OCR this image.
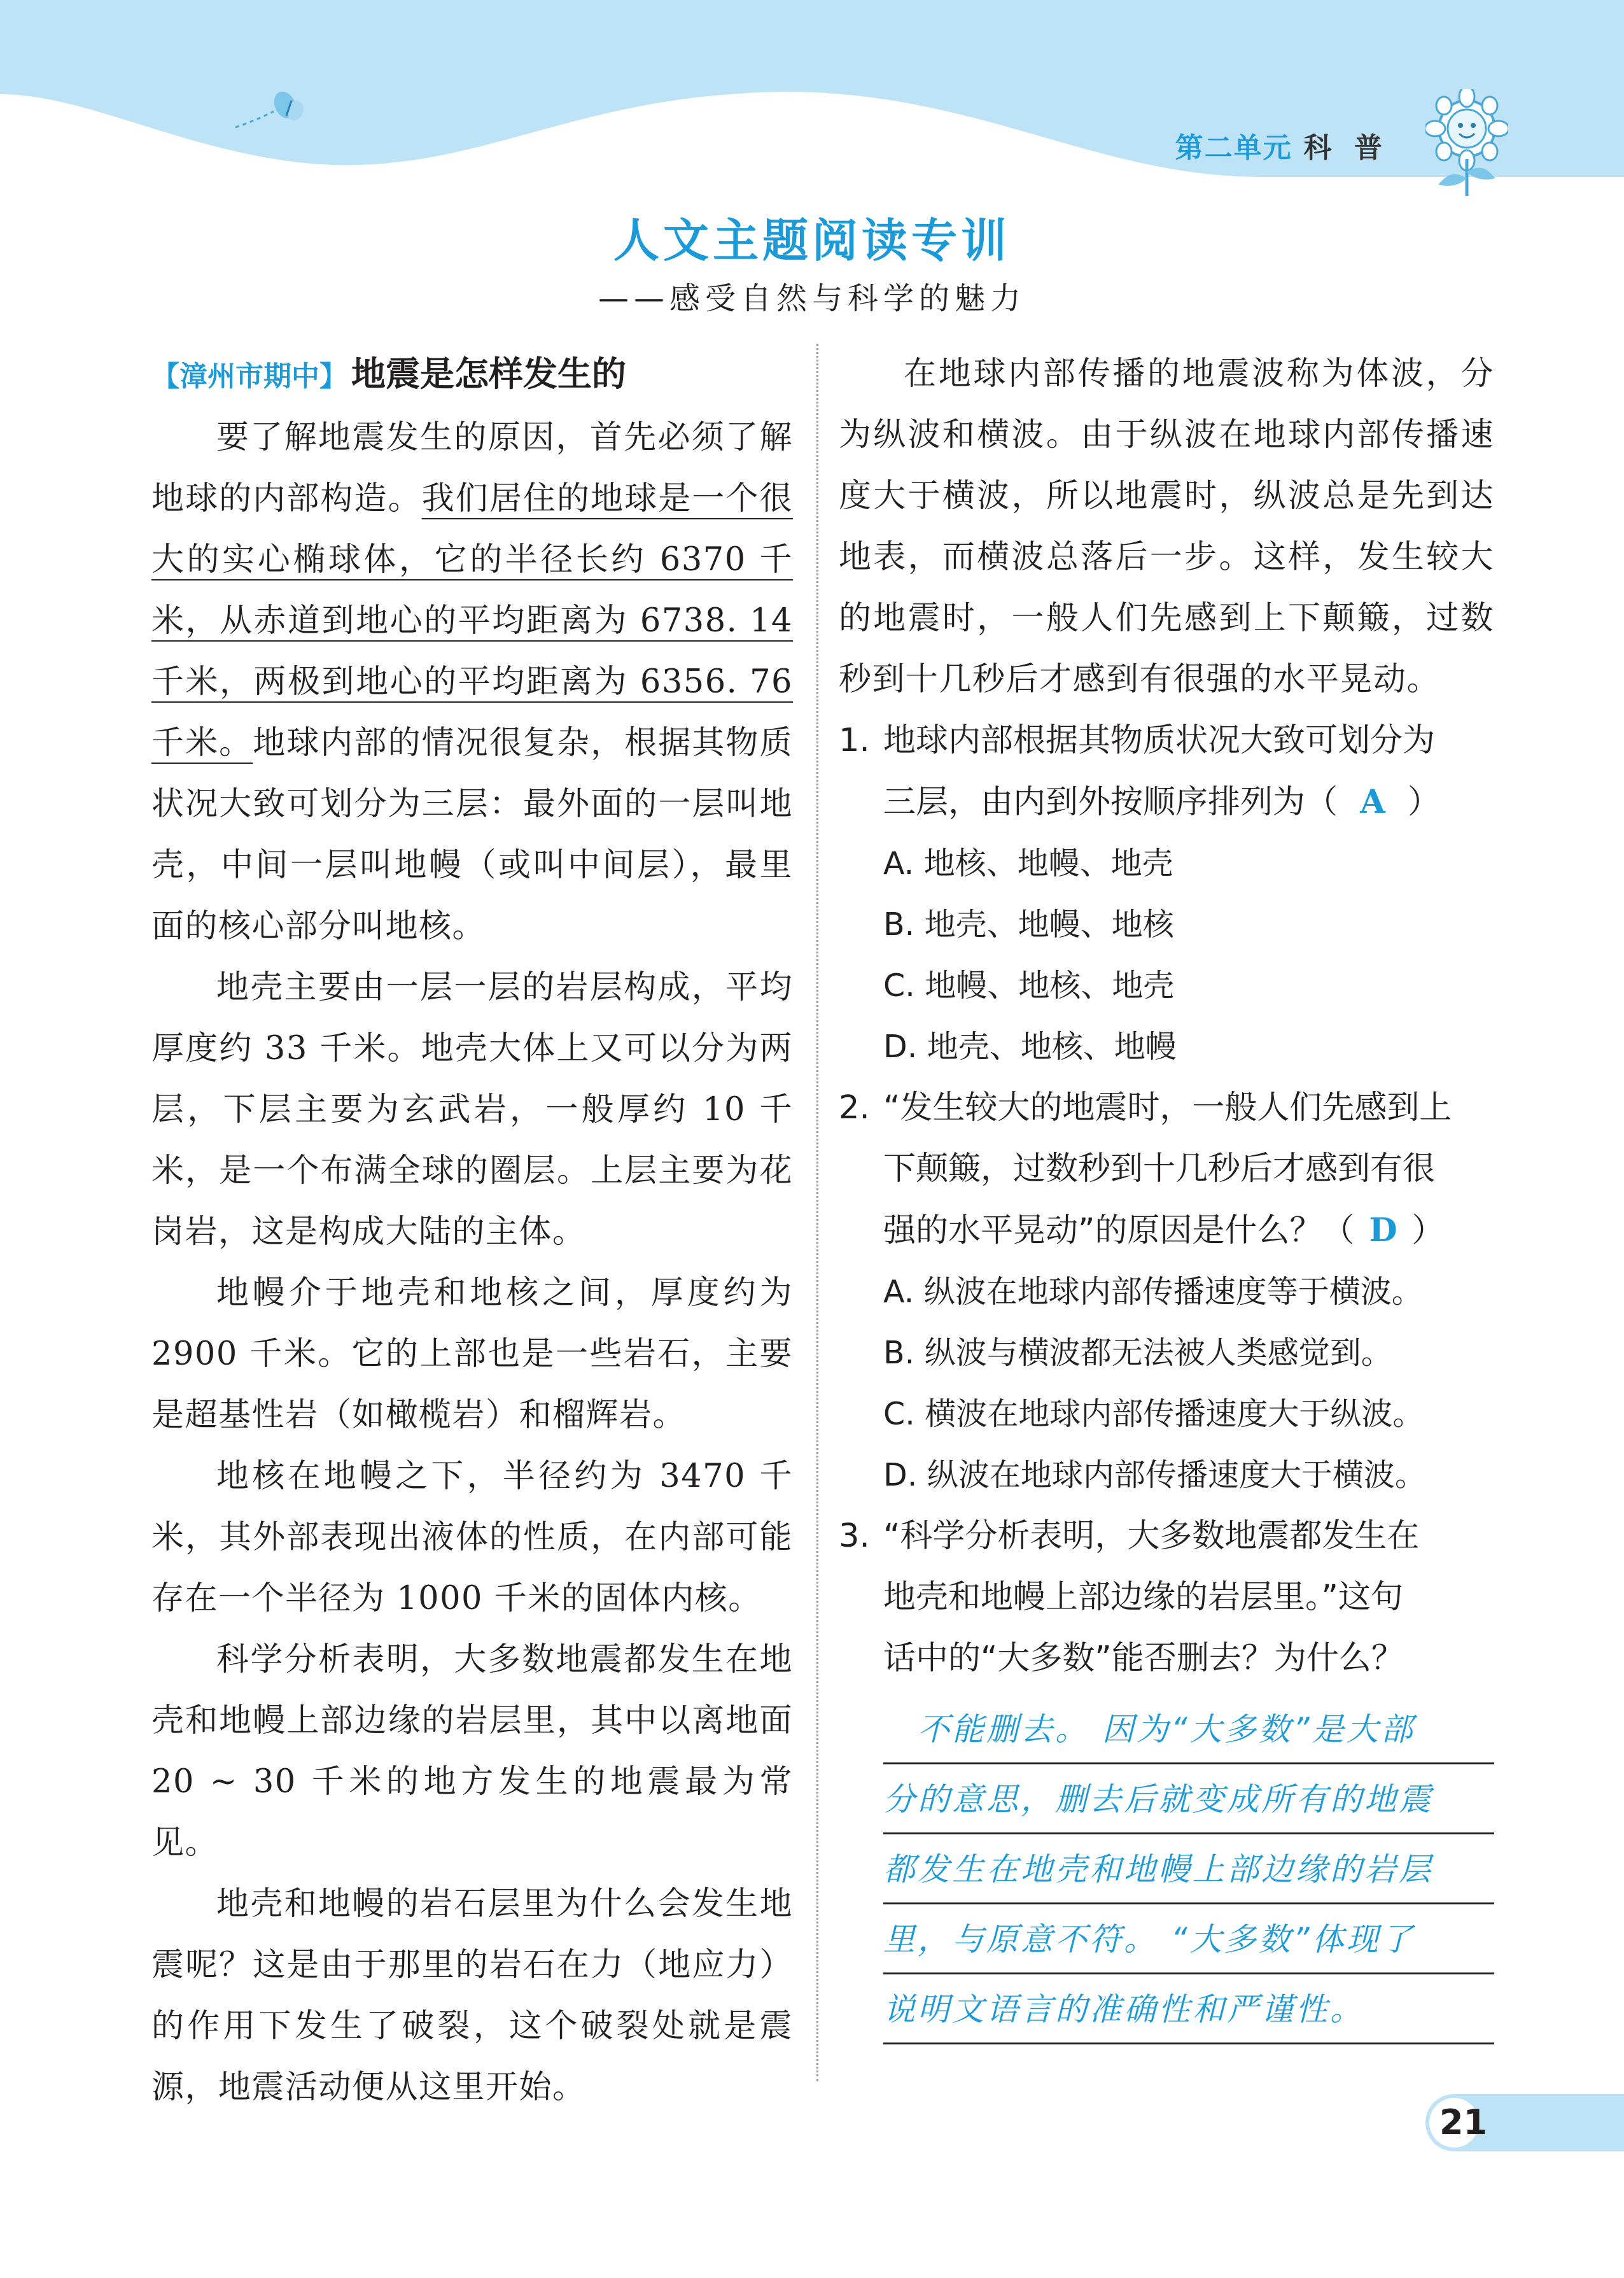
第二单元 科 普
人文主题阅读专训
——感受自然与科学的魅力

【漳州市期中】 地震是怎样发生的

要了解地震发生的原因，首先必须了解地球的内部构造。我们居住的地球是一个很大的实心椭球体，它的半径长约 6370 千米，从赤道到地心的平均距离为 6738. 14 千米，两极到地心的平均距离为 6356. 76 千米。地球内部的情况很复杂，根据其物质状况大致可划分为三层：最外面的一层叫地壳，中间一层叫地幔（或叫中间层），最里面的核心部分叫地核。

地壳主要由一层一层的岩层构成，平均厚度约 33 千米。地壳大体上又可以分为两层，下层主要为玄武岩，一般厚约 10 千米，是一个布满全球的圈层。上层主要为花岗岩，这是构成大陆的主体。

地幔介于地壳和地核之间，厚度约为 2900 千米。它的上部也是一些岩石，主要是超基性岩（如橄榄岩）和榴辉岩。

地核在地幔之下，半径约为 3470 千米，其外部表现出液体的性质，在内部可能存在一个半径为 1000 千米的固体内核。

科学分析表明，大多数地震都发生在地壳和地幔上部边缘的岩层里，其中以离地面 20 ~ 30 千米的地方发生的地震最为常见。

地壳和地幔的岩石层里为什么会发生地震呢？这是由于那里的岩石在力（地应力）的作用下发生了破裂，这个破裂处就是震源，地震活动便从这里开始。

在地球内部传播的地震波称为体波，分为纵波和横波。由于纵波在地球内部传播速度大于横波，所以地震时，纵波总是先到达地表，而横波总落后一步。这样，发生较大的地震时，一般人们先感到上下颠簸，过数秒到十几秒后才感到有很强的水平晃动。

1. 地球内部根据其物质状况大致可划分为

三层，由内到外按顺序排列为（ A ）

A. 地核、地幔、地壳

B. 地壳、地幔、地核

C. 地幔、地核、地壳

D. 地壳、地核、地幔

2. “发生较大的地震时，一般人们先感到上

下颠簸，过数秒到十几秒后才感到有很

强的水平晃动”的原因是什么？（ D ）

A. 纵波在地球内部传播速度等于横波。

B. 纵波与横波都无法被人类感觉到。

C. 横波在地球内部传播速度大于纵波。

D. 纵波在地球内部传播速度大于横波。

3. “科学分析表明，大多数地震都发生在

地壳和地幔上部边缘的岩层里。”这句

话中的“大多数”能否删去？为什么？

　不能删去。 因为“大多数”是大部
分的意思，删去后就变成所有的地震
都发生在地壳和地幔上部边缘的岩层
里，与原意不符。 “大多数”体现了
说明文语言的准确性和严谨性。
21
